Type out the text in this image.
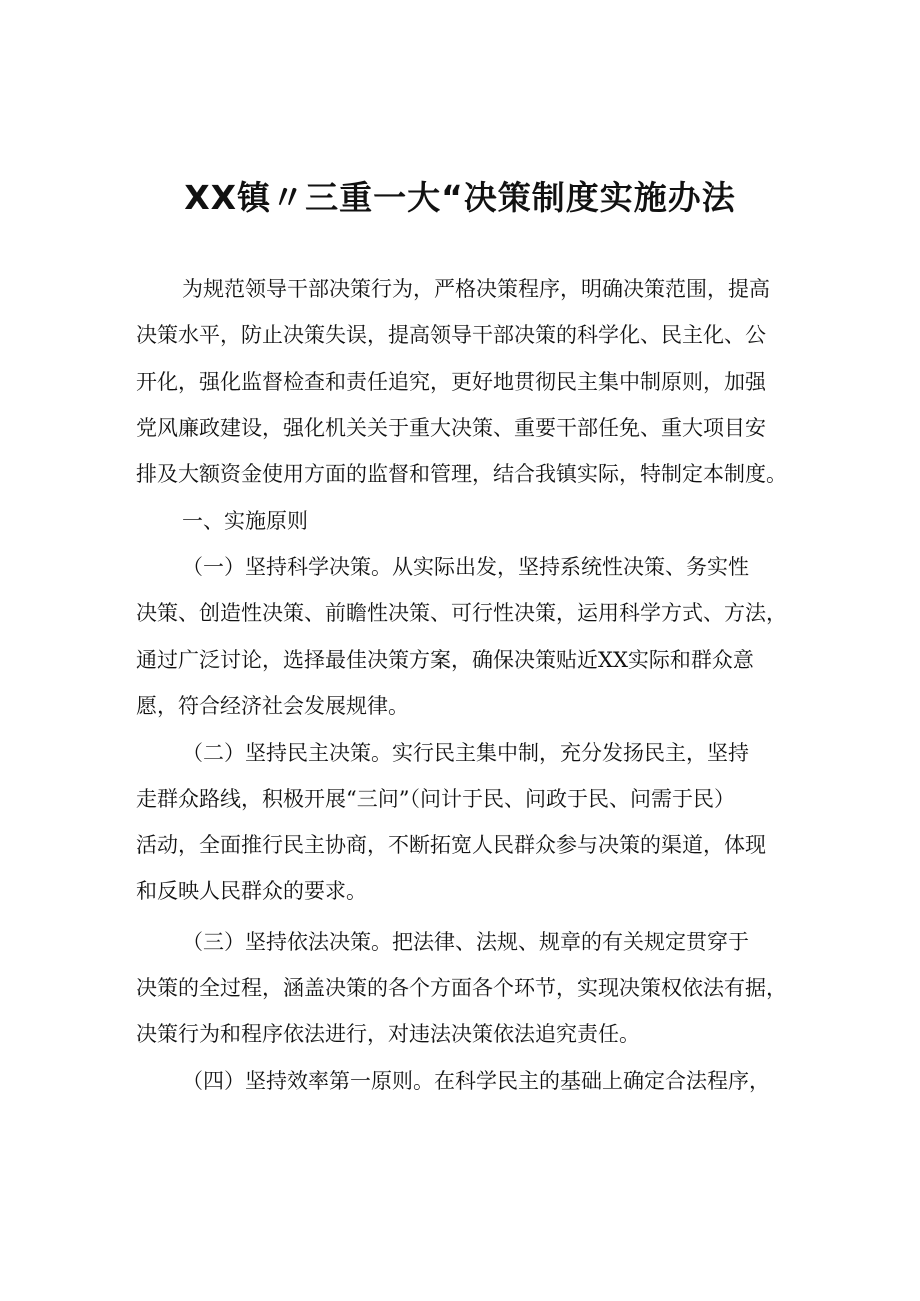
XX镇〃三重一大“决策制度实施办法
为规范领导干部决策行为，严格决策程序，明确决策范围，提高
决策水平，防止决策失误，提高领导干部决策的科学化、民主化、公
开化，强化监督检查和责任追究，更好地贯彻民主集中制原则，加强
党风廉政建设，强化机关关于重大决策、重要干部任免、重大项目安
排及大额资金使用方面的监督和管理，结合我镇实际，特制定本制度。
一、实施原则
（一）坚持科学决策。从实际出发，坚持系统性决策、务实性
决策、创造性决策、前瞻性决策、可行性决策，运用科学方式、方法，
通过广泛讨论，选择最佳决策方案，确保决策贴近XX实际和群众意
愿，符合经济社会发展规律。
（二）坚持民主决策。实行民主集中制，充分发扬民主，坚持
走群众路线，积极开展“三问”（问计于民、问政于民、问需于民）
活动，全面推行民主协商，不断拓宽人民群众参与决策的渠道，体现
和反映人民群众的要求。
（三）坚持依法决策。把法律、法规、规章的有关规定贯穿于
决策的全过程，涵盖决策的各个方面各个环节，实现决策权依法有据，
决策行为和程序依法进行，对违法决策依法追究责任。
（四）坚持效率第一原则。在科学民主的基础上确定合法程序，
